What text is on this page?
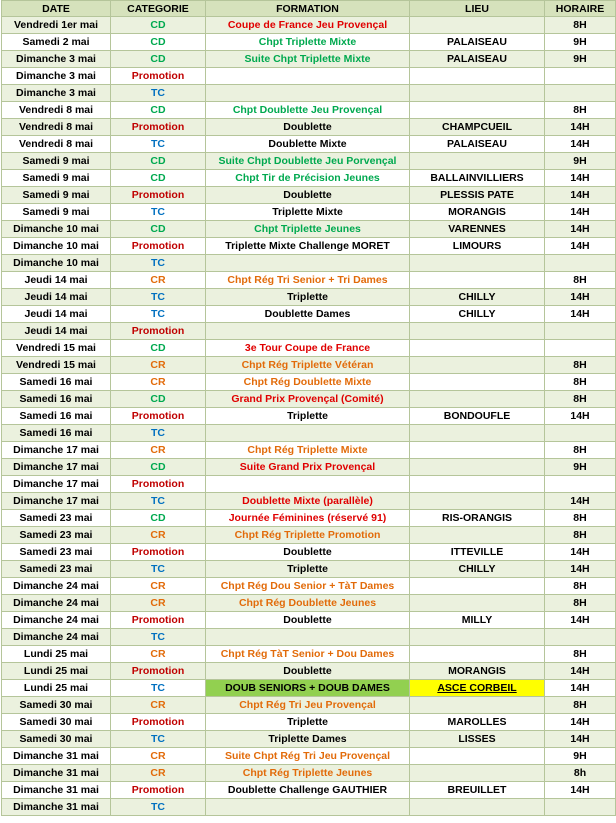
DATE	CATEGORIE	FORMATION	LIEU	HORAIRE
Vendredi 1er mai	CD	Coupe de France Jeu Provençal		8H
Samedi 2 mai	CD	Chpt Triplette Mixte	PALAISEAU	9H
Dimanche 3 mai	CD	Suite Chpt Triplette Mixte	PALAISEAU	9H
Dimanche 3 mai	Promotion			
Dimanche 3 mai	TC			
Vendredi 8 mai	CD	Chpt Doublette Jeu Provençal		8H
Vendredi 8 mai	Promotion	Doublette	CHAMPCUEIL	14H
Vendredi 8 mai	TC	Doublette Mixte	PALAISEAU	14H
Samedi 9 mai	CD	Suite Chpt Doublette Jeu Porvençal		9H
Samedi 9 mai	CD	Chpt Tir de Précision Jeunes	BALLAINVILLIERS	14H
Samedi 9 mai	Promotion	Doublette	PLESSIS PATE	14H
Samedi 9 mai	TC	Triplette Mixte	MORANGIS	14H
Dimanche 10 mai	CD	Chpt Triplette Jeunes	VARENNES	14H
Dimanche 10 mai	Promotion	Triplette Mixte Challenge MORET	LIMOURS	14H
Dimanche 10 mai	TC			
Jeudi 14 mai	CR	Chpt Rég Tri Senior + Tri Dames		8H
Jeudi 14 mai	TC	Triplette	CHILLY	14H
Jeudi 14 mai	TC	Doublette Dames	CHILLY	14H
Jeudi 14 mai	Promotion			
Vendredi 15 mai	CD	3e Tour Coupe de France		
Vendredi 15 mai	CR	Chpt Rég Triplette Vétéran		8H
Samedi 16 mai	CR	Chpt Rég Doublette Mixte		8H
Samedi 16 mai	CD	Grand Prix Provençal (Comité)		8H
Samedi 16 mai	Promotion	Triplette	BONDOUFLE	14H
Samedi 16 mai	TC			
Dimanche 17 mai	CR	Chpt Rég Triplette Mixte		8H
Dimanche 17 mai	CD	Suite Grand Prix Provençal		9H
Dimanche 17 mai	Promotion			
Dimanche 17 mai	TC	Doublette Mixte (parallèle)		14H
Samedi 23 mai	CD	Journée Féminines (réservé 91)	RIS-ORANGIS	8H
Samedi 23 mai	CR	Chpt Rég Triplette Promotion		8H
Samedi 23 mai	Promotion	Doublette	ITTEVILLE	14H
Samedi 23 mai	TC	Triplette	CHILLY	14H
Dimanche 24 mai	CR	Chpt Rég Dou Senior + TàT Dames		8H
Dimanche 24 mai	CR	Chpt Rég Doublette Jeunes		8H
Dimanche 24 mai	Promotion	Doublette	MILLY	14H
Dimanche 24 mai	TC			
Lundi 25 mai	CR	Chpt Rég TàT Senior + Dou Dames		8H
Lundi 25 mai	Promotion	Doublette	MORANGIS	14H
Lundi 25 mai	TC	DOUB SENIORS + DOUB DAMES	ASCE CORBEIL	14H
Samedi 30 mai	CR	Chpt Rég Tri Jeu Provençal		8H
Samedi 30 mai	Promotion	Triplette	MAROLLES	14H
Samedi 30 mai	TC	Triplette Dames	LISSES	14H
Dimanche 31 mai	CR	Suite Chpt Rég Tri Jeu Provençal		9H
Dimanche 31 mai	CR	Chpt Rég Triplette Jeunes		8h
Dimanche 31 mai	Promotion	Doublette Challenge GAUTHIER	BREUILLET	14H
Dimanche 31 mai	TC			
